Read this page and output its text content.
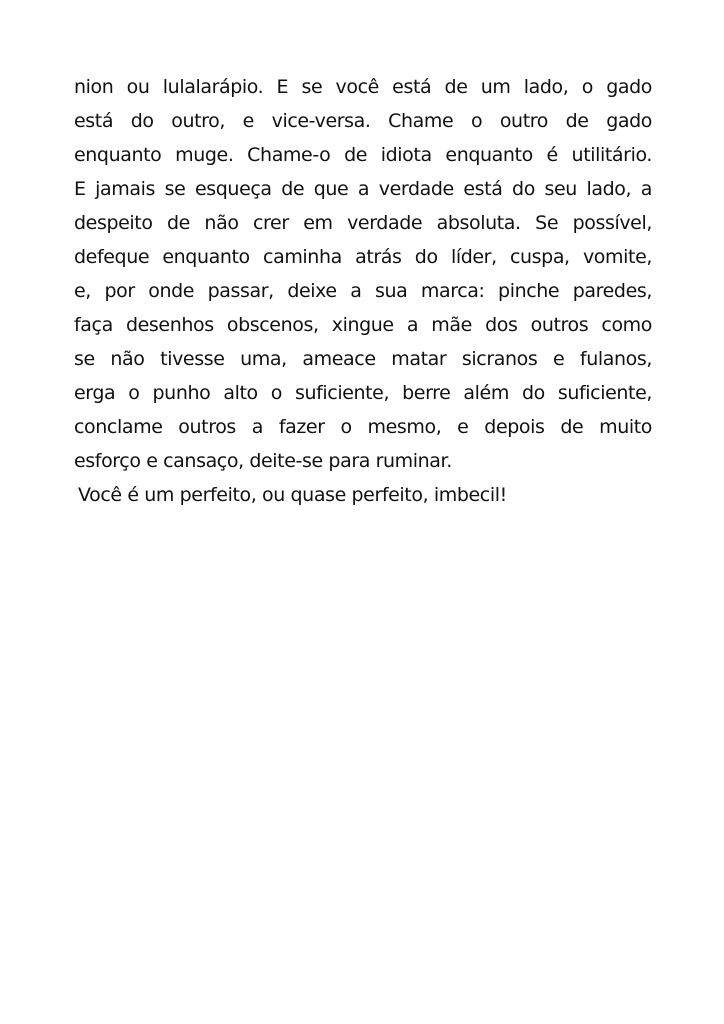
nion ou lulalarápio. E se você está de um lado, o gado
está do outro, e vice-versa. Chame o outro de gado
enquanto muge. Chame-o de idiota enquanto é utilitário.
E jamais se esqueça de que a verdade está do seu lado, a
despeito de não crer em verdade absoluta. Se possível,
defeque enquanto caminha atrás do líder, cuspa, vomite,
e, por onde passar, deixe a sua marca: pinche paredes,
faça desenhos obscenos, xingue a mãe dos outros como
se não tivesse uma, ameace matar sicranos e fulanos,
erga o punho alto o suficiente, berre além do suficiente,
conclame outros a fazer o mesmo, e depois de muito
esforço e cansaço, deite-se para ruminar.
Você é um perfeito, ou quase perfeito, imbecil!
